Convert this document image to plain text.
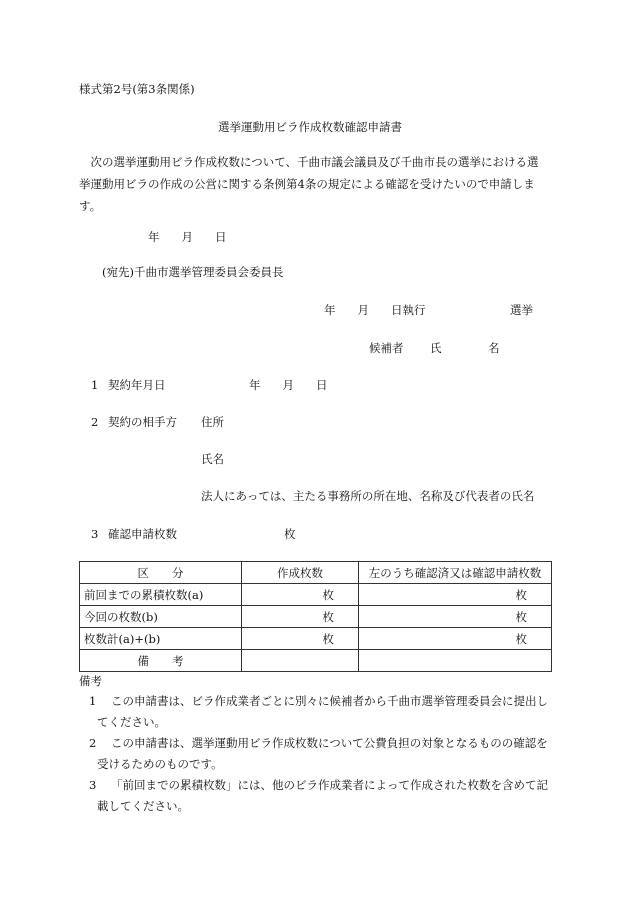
様式第2号(第3条関係)
選挙運動用ビラ作成枚数確認申請書
　次の選挙運動用ビラ作成枚数について、千曲市議会議員及び千曲市長の選挙における選挙運動用ビラの作成の公営に関する条例第4条の規定による確認を受けたいので申請します。
年 月 日
(宛先)千曲市選挙管理委員会委員長
年 月 日執行	選挙
候補者 氏	名
1 契約年月日	年 月 日
2 契約の相手方 住所
氏名
法人にあっては、主たる事務所の所在地、名称及び代表者の氏名
3 確認申請枚数	枚
区　　分	作成枚数	左のうち確認済又は確認申請枚数
前回までの累積枚数(a)	枚	枚
今回の枚数(b)	枚	枚
枚数計(a)+(b)	枚	枚
備　　考		
備考
1 この申請書は、ビラ作成業者ごとに別々に候補者から千曲市選挙管理委員会に提出し
てください。
2 この申請書は、選挙運動用ビラ作成枚数について公費負担の対象となるものの確認を
受けるためのものです。
3 「前回までの累積枚数」には、他のビラ作成業者によって作成された枚数を含めて記
載してください。
